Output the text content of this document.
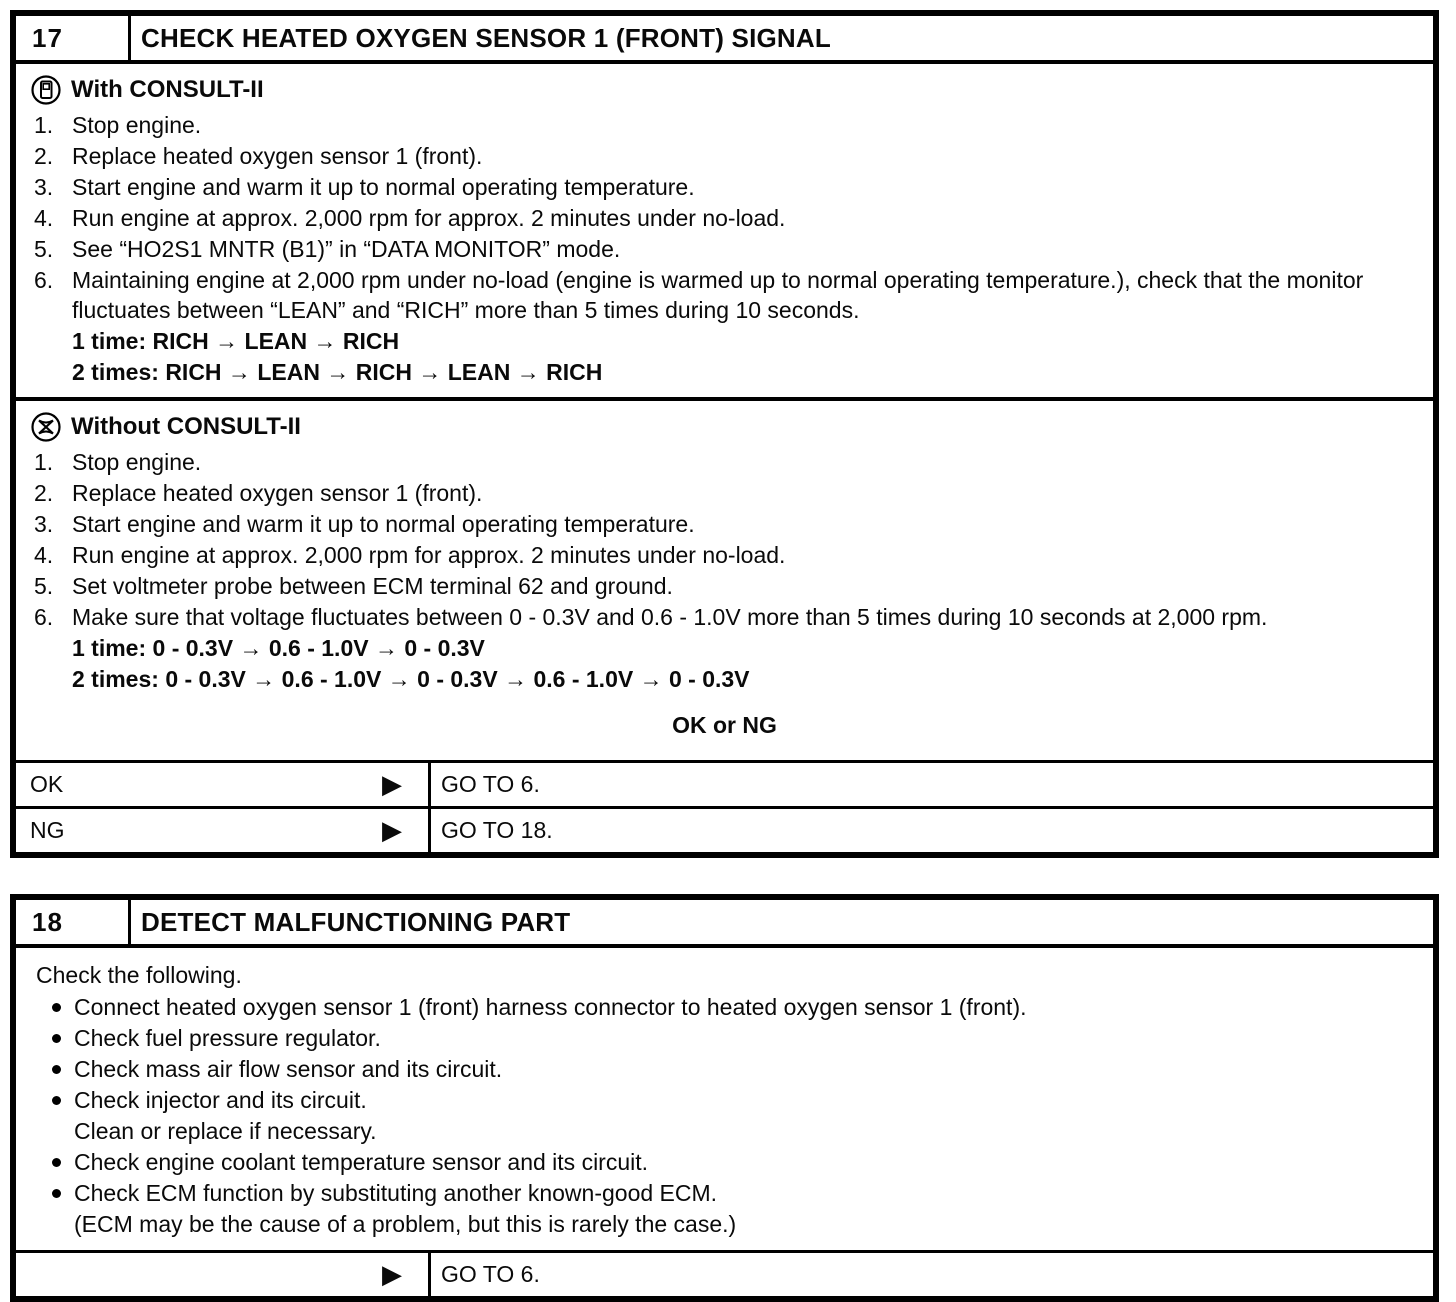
17	CHECK HEATED OXYGEN SENSOR 1 (FRONT) SIGNAL
With CONSULT-II
Stop engine.
Replace heated oxygen sensor 1 (front).
Start engine and warm it up to normal operating temperature.
Run engine at approx. 2,000 rpm for approx. 2 minutes under no-load.
See “HO2S1 MNTR (B1)” in “DATA MONITOR” mode.
Maintaining engine at 2,000 rpm under no-load (engine is warmed up to normal operating temperature.), check that the monitor fluctuates between “LEAN” and “RICH” more than 5 times during 10 seconds.
1 time: RICH → LEAN → RICH
2 times: RICH → LEAN → RICH → LEAN → RICH
Without CONSULT-II
Stop engine.
Replace heated oxygen sensor 1 (front).
Start engine and warm it up to normal operating temperature.
Run engine at approx. 2,000 rpm for approx. 2 minutes under no-load.
Set voltmeter probe between ECM terminal 62 and ground.
Make sure that voltage fluctuates between 0 - 0.3V and 0.6 - 1.0V more than 5 times during 10 seconds at 2,000 rpm.
1 time: 0 - 0.3V → 0.6 - 1.0V → 0 - 0.3V
2 times: 0 - 0.3V → 0.6 - 1.0V → 0 - 0.3V → 0.6 - 1.0V → 0 - 0.3V
OK or NG
OK	▶	GO TO 6.
NG	▶	GO TO 18.
18	DETECT MALFUNCTIONING PART
Check the following.
Connect heated oxygen sensor 1 (front) harness connector to heated oxygen sensor 1 (front).
Check fuel pressure regulator.
Check mass air flow sensor and its circuit.
Check injector and its circuit.
Clean or replace if necessary.
Check engine coolant temperature sensor and its circuit.
Check ECM function by substituting another known-good ECM.
(ECM may be the cause of a problem, but this is rarely the case.)
▶	GO TO 6.
